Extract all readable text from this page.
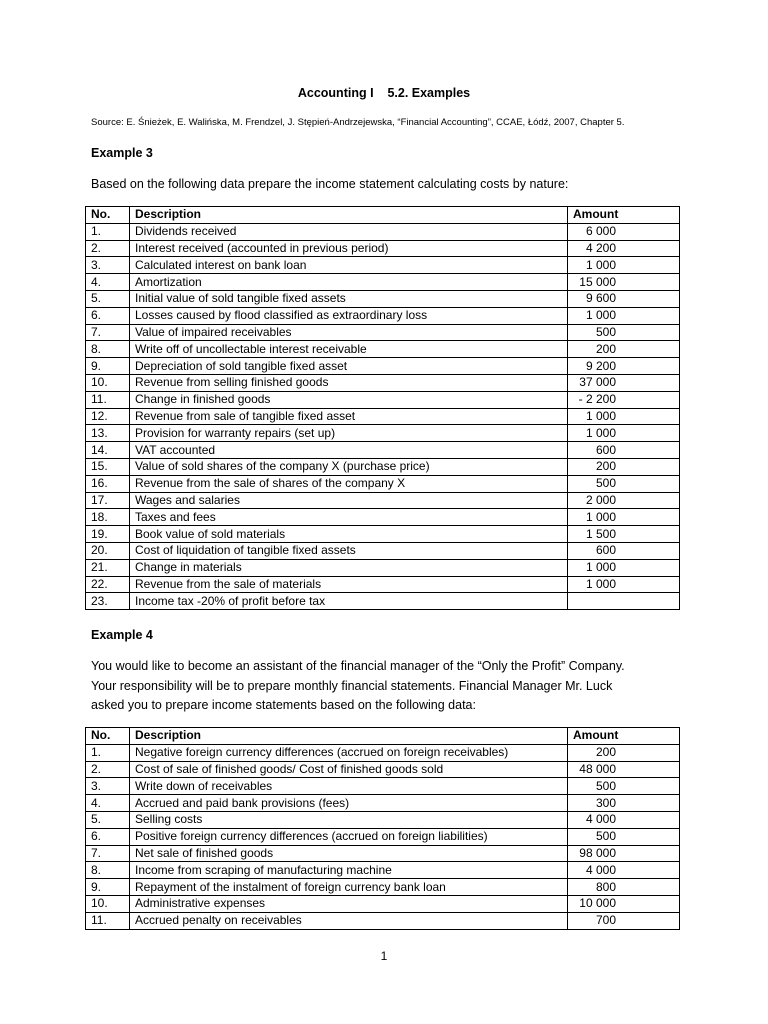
Accounting I    5.2. Examples
Source: E. Śnieżek, E. Walińska, M. Frendzel, J. Stępień-Andrzejewska, “Financial Accounting”, CCAE, Łódź, 2007, Chapter 5.
Example 3
Based on the following data prepare the income statement calculating costs by nature:
No.	Description	Amount
1.	Dividends received	6 000
2.	Interest received (accounted in previous period)	4 200
3.	Calculated interest on bank loan	1 000
4.	Amortization	15 000
5.	Initial value of sold tangible fixed assets	9 600
6.	Losses caused by flood classified as extraordinary loss	1 000
7.	Value of impaired receivables	500
8.	Write off of uncollectable interest receivable	200
9.	Depreciation of sold tangible fixed asset	9 200
10.	Revenue from selling finished goods	37 000
11.	Change in finished goods	- 2 200
12.	Revenue from sale of tangible fixed asset	1 000
13.	Provision for warranty repairs (set up)	1 000
14.	VAT accounted	600
15.	Value of sold shares of the company X (purchase price)	200
16.	Revenue from the sale of shares of the company X	500
17.	Wages and salaries	2 000
18.	Taxes and fees	1 000
19.	Book value of sold materials	1 500
20.	Cost of liquidation of tangible fixed assets	600
21.	Change in materials	1 000
22.	Revenue from the sale of materials	1 000
23.	Income tax -20% of profit before tax	
Example 4
You would like to become an assistant of the financial manager of the “Only the Profit” Company.
Your responsibility will be to prepare monthly financial statements. Financial Manager Mr. Luck
asked you to prepare income statements based on the following data:
No.	Description	Amount
1.	Negative foreign currency differences (accrued on foreign receivables)	200
2.	Cost of sale of finished goods/ Cost of finished goods sold	48 000
3.	Write down of receivables	500
4.	Accrued and paid bank provisions (fees)	300
5.	Selling costs	4 000
6.	Positive foreign currency differences (accrued on foreign liabilities)	500
7.	Net sale of finished goods	98 000
8.	Income from scraping of manufacturing machine	4 000
9.	Repayment of the instalment of foreign currency bank loan	800
10.	Administrative expenses	10 000
11.	Accrued penalty on receivables	700
1
